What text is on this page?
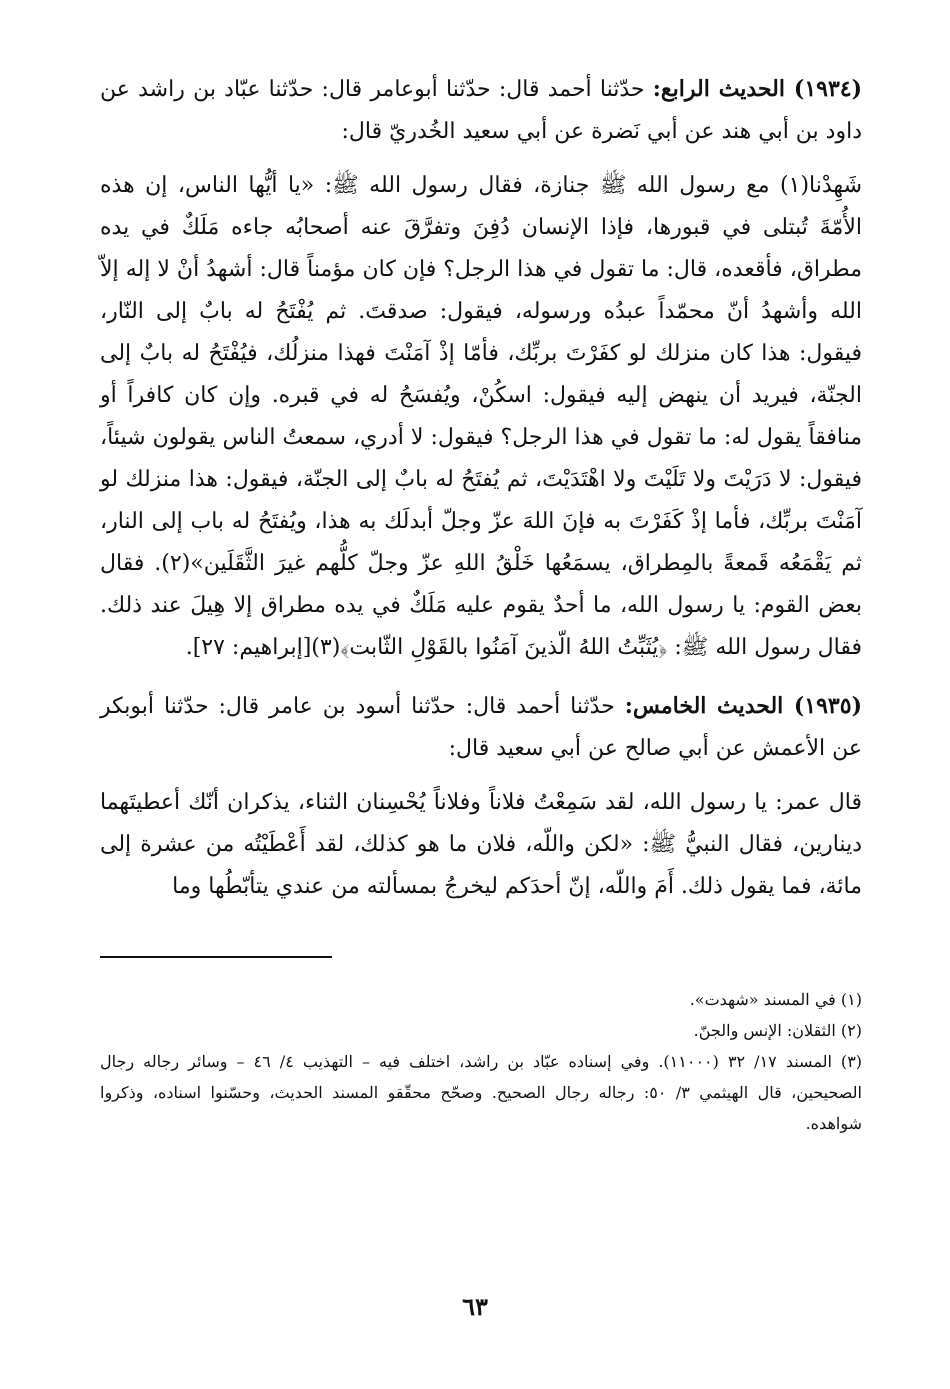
(١٩٣٤) الحديث الرابع: حدّثنا أحمد قال: حدّثنا أبوعامر قال: حدّثنا عبّاد بن راشد عن داود بن أبي هند عن أبي نَضرة عن أبي سعيد الخُدريّ قال:

شَهِدْنا(١) مع رسول الله ﷺ جنازة، فقال رسول الله ﷺ: «يا أيُّها الناس، إن هذه الأُمّةَ تُبتلى في قبورها، فإذا الإنسان دُفِنَ وتفرَّقَ عنه أصحابُه جاءه مَلَكٌ في يده مطراق، فأقعده، قال: ما تقول في هذا الرجل؟ فإن كان مؤمناً قال: أشهدُ أنْ لا إله إلاّ الله وأشهدُ أنّ محمّداً عبدُه ورسوله، فيقول: صدقتَ. ثم يُفْتَحُ له بابٌ إلى النّار، فيقول: هذا كان منزلك لو كفَرْتَ بربِّك، فأمّا إذْ آمَنْتَ فهذا منزلُك، فيُفْتَحُ له بابٌ إلى الجنّة، فيريد أن ينهض إليه فيقول: اسكُنْ، ويُفسَحُ له في قبره. وإن كان كافراً أو منافقاً يقول له: ما تقول في هذا الرجل؟ فيقول: لا أدري، سمعتُ الناس يقولون شيئاً، فيقول: لا دَرَيْتَ ولا تَلَيْتَ ولا اهْتَدَيْتَ، ثم يُفتَحُ له بابٌ إلى الجنّة، فيقول: هذا منزلك لو آمَنْتَ بربِّك، فأما إذْ كَفَرْتَ به فإنَ اللهَ عزّ وجلّ أبدلَك به هذا، ويُفتَحُ له باب إلى النار، ثم يَقْمَعُه قَمعةً بالمِطراق، يسمَعُها خَلْقُ اللهِ عزّ وجلّ كلُّهم غيرَ الثَّقَلَين»(٢). فقال بعض القوم: يا رسول الله، ما أحدٌ يقوم عليه مَلَكٌ في يده مطراق إلا هِيلَ عند ذلك. فقال رسول الله ﷺ: ﴿يُثَبِّتُ اللهُ الّذينَ آمَنُوا بالقَوْلِ الثّابت﴾(٣)[إبراهيم: ٢٧].

(١٩٣٥) الحديث الخامس: حدّثنا أحمد قال: حدّثنا أسود بن عامر قال: حدّثنا أبوبكر عن الأعمش عن أبي صالح عن أبي سعيد قال:

قال عمر: يا رسول الله، لقد سَمِعْتُ فلاناً وفلاناً يُحْسِنان الثناء، يذكران أنّك أعطيتَهما دينارين، فقال النبيُّ ﷺ: «لكن واللّه، فلان ما هو كذلك، لقد أَعْطَيْتُه من عشرة إلى مائة، فما يقول ذلك. أَمَ واللّه، إنّ أحدَكم ليخرجُ بمسألته من عندي يتأبّطُها وما

(١) في المسند «شهدت».

(٢) الثقلان: الإنس والجنّ.

(٣) المسند ١٧/ ٣٢ (١١٠٠٠). وفي إسناده عبّاد بن راشد، اختلف فيه – التهذيب ٤/ ٤٦ – وسائر رجاله رجال الصحيحين، قال الهيثمي ٣/ ٥٠: رجاله رجال الصحيح. وصحّح محقّقو المسند الحديث، وحسّنوا اسناده، وذكروا شواهده.

٦٣
